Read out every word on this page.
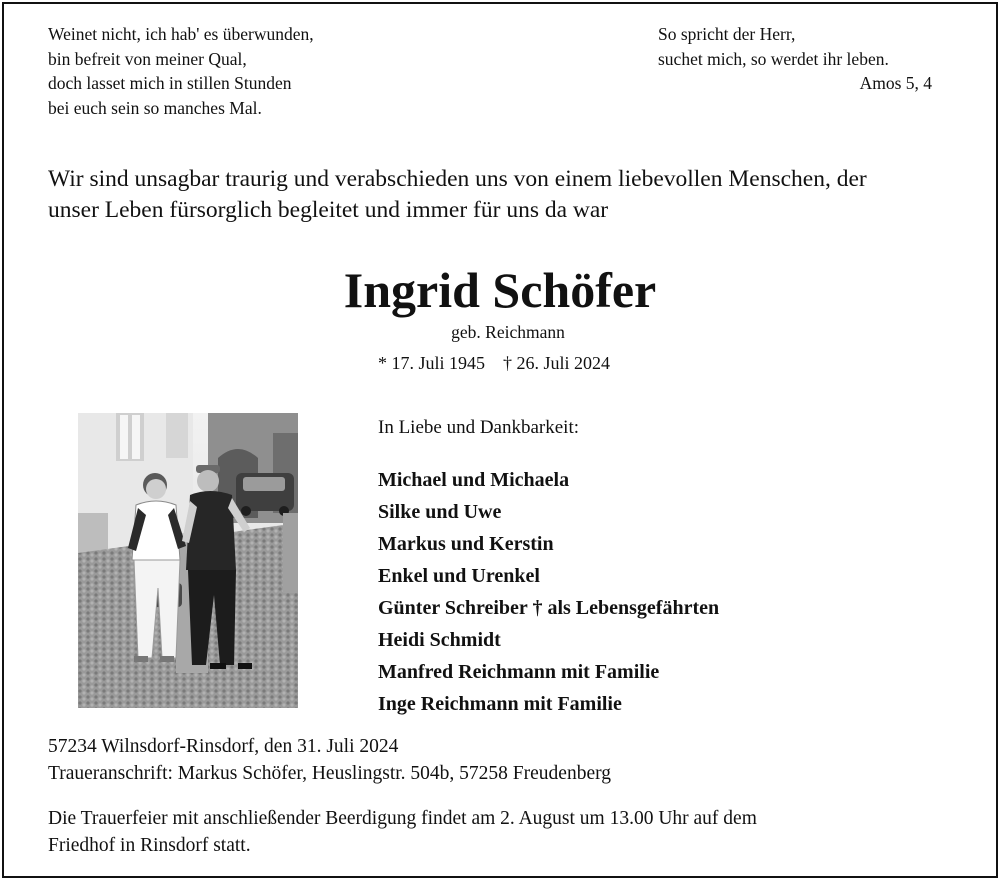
Weinet nicht, ich hab' es überwunden,
bin befreit von meiner Qual,
doch lasset mich in stillen Stunden
bei euch sein so manches Mal.
So spricht der Herr,
suchet mich, so werdet ihr leben.
Amos 5, 4
Wir sind unsagbar traurig und verabschieden uns von einem liebevollen Menschen, der
unser Leben fürsorglich begleitet und immer für uns da war
Ingrid Schöfer
geb. Reichmann
* 17. Juli 1945 † 26. Juli 2024
In Liebe und Dankbarkeit:
Michael und Michaela
Silke und Uwe
Markus und Kerstin
Enkel und Urenkel
Günter Schreiber † als Lebensgefährten
Heidi Schmidt
Manfred Reichmann mit Familie
Inge Reichmann mit Familie
57234 Wilnsdorf-Rinsdorf, den 31. Juli 2024
Traueranschrift: Markus Schöfer, Heuslingstr. 504b, 57258 Freudenberg
Die Trauerfeier mit anschließender Beerdigung findet am 2. August um 13.00 Uhr auf dem
Friedhof in Rinsdorf statt.
